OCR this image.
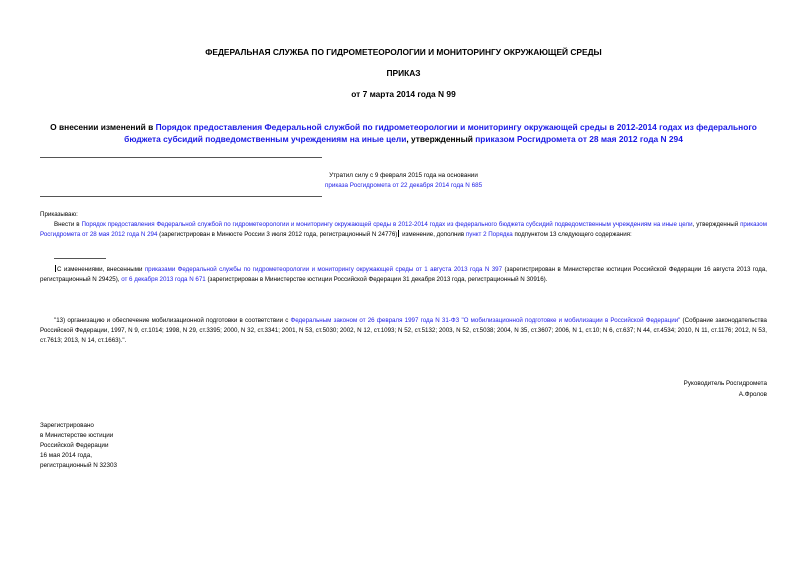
ФЕДЕРАЛЬНАЯ СЛУЖБА ПО ГИДРОМЕТЕОРОЛОГИИ И МОНИТОРИНГУ ОКРУЖАЮЩЕЙ СРЕДЫ
ПРИКАЗ
от 7 марта 2014 года N 99
О внесении изменений в Порядок предоставления Федеральной службой по гидрометеорологии и мониторингу окружающей среды в 2012-2014 годах из федерального бюджета субсидий подведомственным учреждениям на иные цели, утвержденный приказом Росгидромета от 28 мая 2012 года N 294
Утратил силу с 9 февраля 2015 года на основании
приказа Росгидромета от 22 декабря 2014 года N 685
Приказываю:
Внести в Порядок предоставления Федеральной службой по гидрометеорологии и мониторингу окружающей среды в 2012-2014 годах из федерального бюджета субсидий подведомственным учреждениям на иные цели, утвержденный приказом Росгидромета от 28 мая 2012 года N 294 (зарегистрирован в Минюсте России 3 июля 2012 года, регистрационный N 24776) изменение, дополнив пункт 2 Порядка подпунктом 13 следующего содержания:
С изменениями, внесенными приказами Федеральной службы по гидрометеорологии и мониторингу окружающей среды от 1 августа 2013 года N 397 (зарегистрирован в Министерстве юстиции Российской Федерации 16 августа 2013 года, регистрационный N 29425), от 6 декабря 2013 года N 671 (зарегистрирован в Министерстве юстиции Российской Федерации 31 декабря 2013 года, регистрационный N 30916).
"13) организацию и обеспечение мобилизационной подготовки в соответствии с Федеральным законом от 26 февраля 1997 года N 31-ФЗ "О мобилизационной подготовке и мобилизации в Российской Федерации" (Собрание законодательства Российской Федерации, 1997, N 9, ст.1014; 1998, N 29, ст.3395; 2000, N 32, ст.3341; 2001, N 53, ст.5030; 2002, N 12, ст.1093; N 52, ст.5132; 2003, N 52, ст.5038; 2004, N 35, ст.3607; 2006, N 1, ст.10; N 6, ст.637; N 44, ст.4534; 2010, N 11, ст.1176; 2012, N 53, ст.7613; 2013, N 14, ст.1663).".
Руководитель Росгидромета
А.Фролов
Зарегистрировано
в Министерстве юстиции
Российской Федерации
16 мая 2014 года,
регистрационный N 32303
